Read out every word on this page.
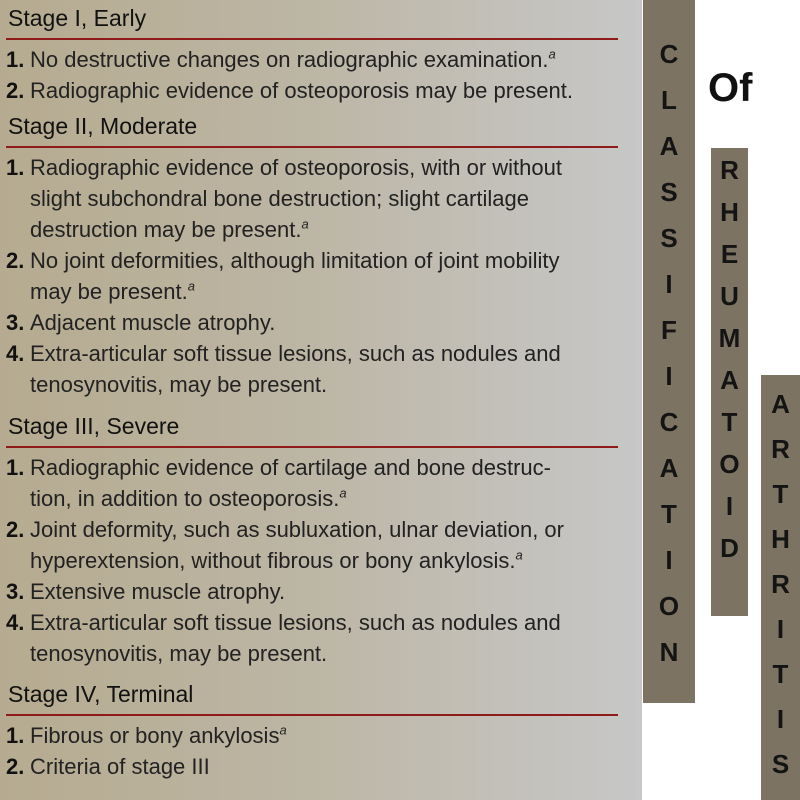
Stage I, Early
1. No destructive changes on radiographic examination.$^a$
2. Radiographic evidence of osteoporosis may be present.
Stage II, Moderate
1. Radiographic evidence of osteoporosis, with or without
slight subchondral bone destruction; slight cartilage
destruction may be present.$^a$
2. No joint deformities, although limitation of joint mobility
may be present.$^a$
3. Adjacent muscle atrophy.
4. Extra-articular soft tissue lesions, such as nodules and
tenosynovitis, may be present.
Stage III, Severe
1. Radiographic evidence of cartilage and bone destruc-
tion, in addition to osteoporosis.$^a$
2. Joint deformity, such as subluxation, ulnar deviation, or
hyperextension, without fibrous or bony ankylosis.$^a$
3. Extensive muscle atrophy.
4. Extra-articular soft tissue lesions, such as nodules and
tenosynovitis, may be present.
Stage IV, Terminal
1. Fibrous or bony ankylosis$^a$
2. Criteria of stage III
C
L
A
S
S
I
F
I
C
A
T
I
O
N
Of
R
H
E
U
M
A
T
O
I
D
A
R
T
H
R
I
T
I
S
